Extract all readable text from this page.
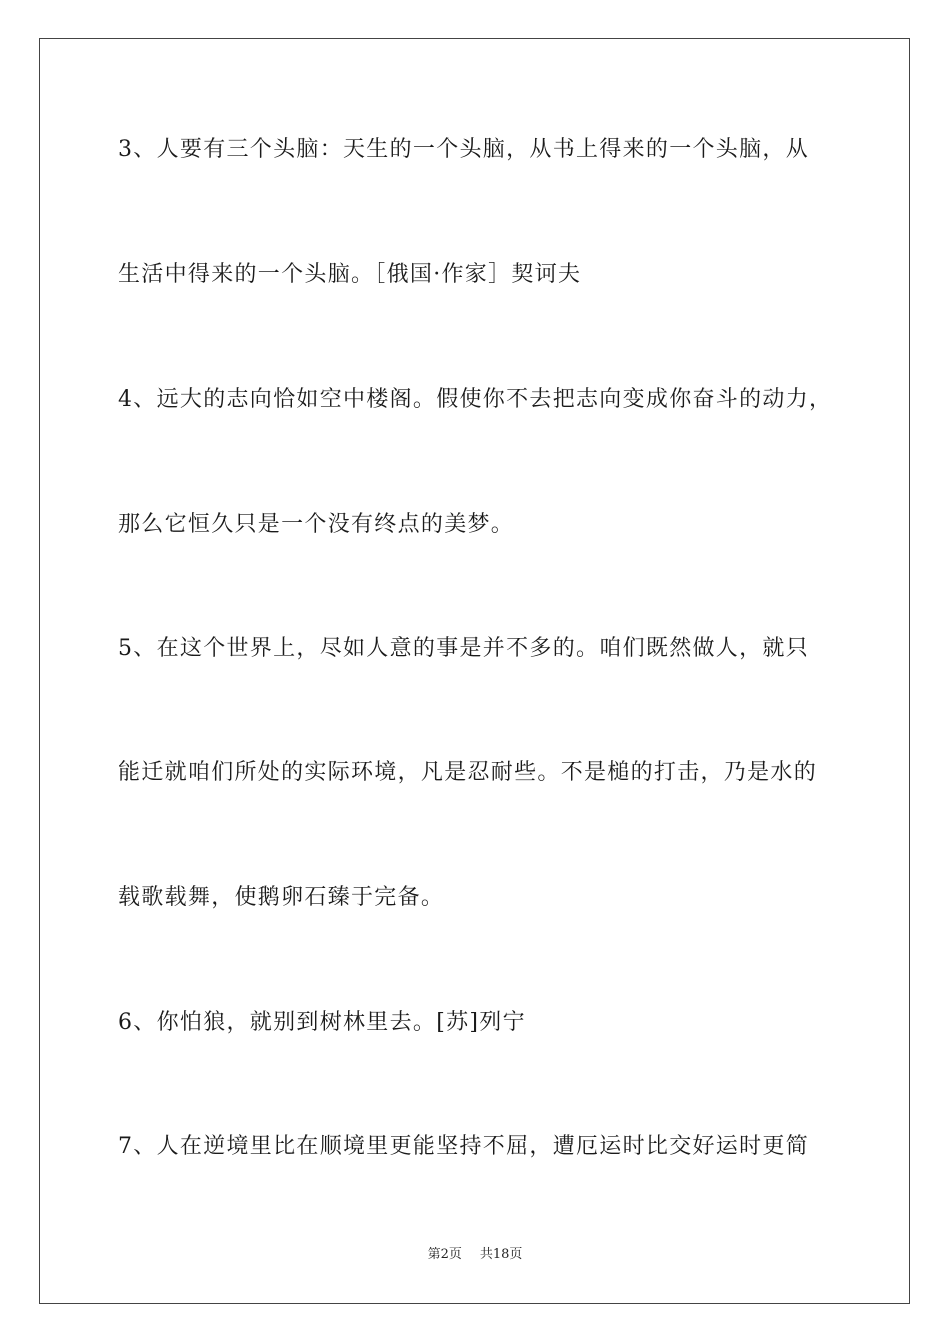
3、人要有三个头脑：天生的一个头脑，从书上得来的一个头脑，从

生活中得来的一个头脑。［俄国·作家］契诃夫

4、远大的志向恰如空中楼阁。假使你不去把志向变成你奋斗的动力，

那么它恒久只是一个没有终点的美梦。

5、在这个世界上，尽如人意的事是并不多的。咱们既然做人，就只

能迁就咱们所处的实际环境，凡是忍耐些。不是槌的打击，乃是水的

载歌载舞，使鹅卵石臻于完备。

6、你怕狼，就别到树林里去。[苏]列宁

7、人在逆境里比在顺境里更能坚持不屈，遭厄运时比交好运时更简

第2页 共18页
